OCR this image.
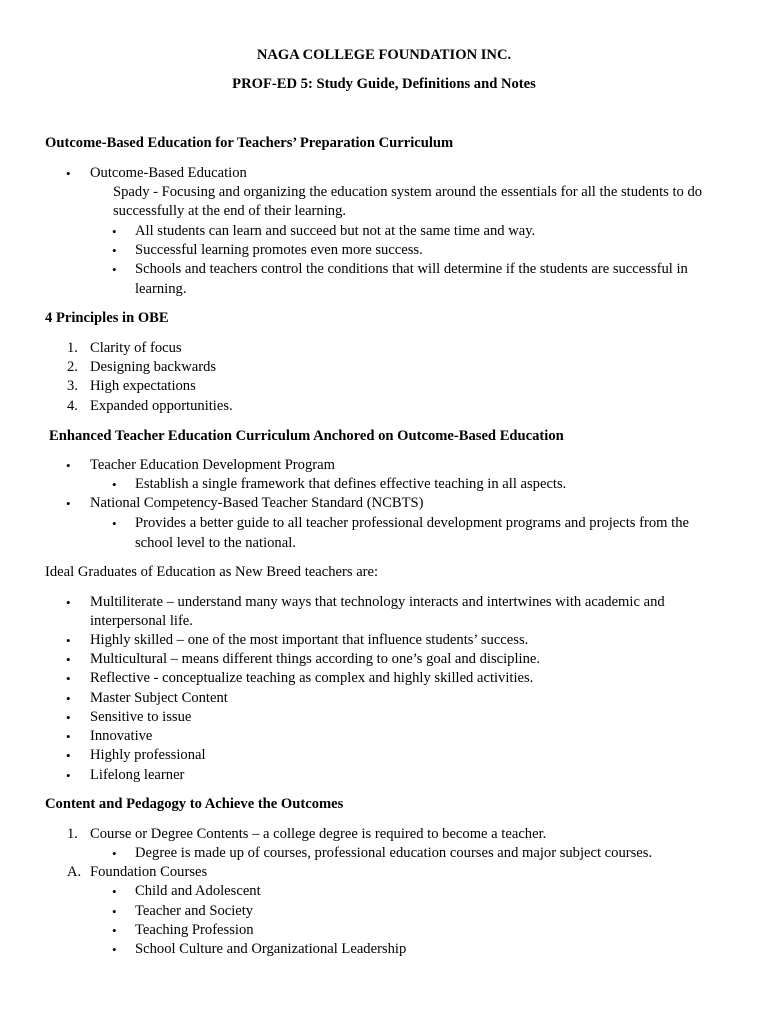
NAGA COLLEGE FOUNDATION INC.
PROF-ED 5: Study Guide, Definitions and Notes
Outcome-Based Education for Teachers’ Preparation Curriculum
• Outcome-Based Education
Spady - Focusing and organizing the education system around the essentials for all the students to do
successfully at the end of their learning.
• All students can learn and succeed but not at the same time and way.
• Successful learning promotes even more success.
• Schools and teachers control the conditions that will determine if the students are successful in
learning.
4 Principles in OBE
1. Clarity of focus
2. Designing backwards
3. High expectations
4. Expanded opportunities.
Enhanced Teacher Education Curriculum Anchored on Outcome-Based Education
• Teacher Education Development Program
• Establish a single framework that defines effective teaching in all aspects.
• National Competency-Based Teacher Standard (NCBTS)
• Provides a better guide to all teacher professional development programs and projects from the
school level to the national.
Ideal Graduates of Education as New Breed teachers are:
• Multiliterate – understand many ways that technology interacts and intertwines with academic and
interpersonal life.
• Highly skilled – one of the most important that influence students’ success.
• Multicultural – means different things according to one’s goal and discipline.
• Reflective - conceptualize teaching as complex and highly skilled activities.
• Master Subject Content
• Sensitive to issue
• Innovative
• Highly professional
• Lifelong learner
Content and Pedagogy to Achieve the Outcomes
1. Course or Degree Contents – a college degree is required to become a teacher.
• Degree is made up of courses, professional education courses and major subject courses.
A. Foundation Courses
• Child and Adolescent
• Teacher and Society
• Teaching Profession
• School Culture and Organizational Leadership
